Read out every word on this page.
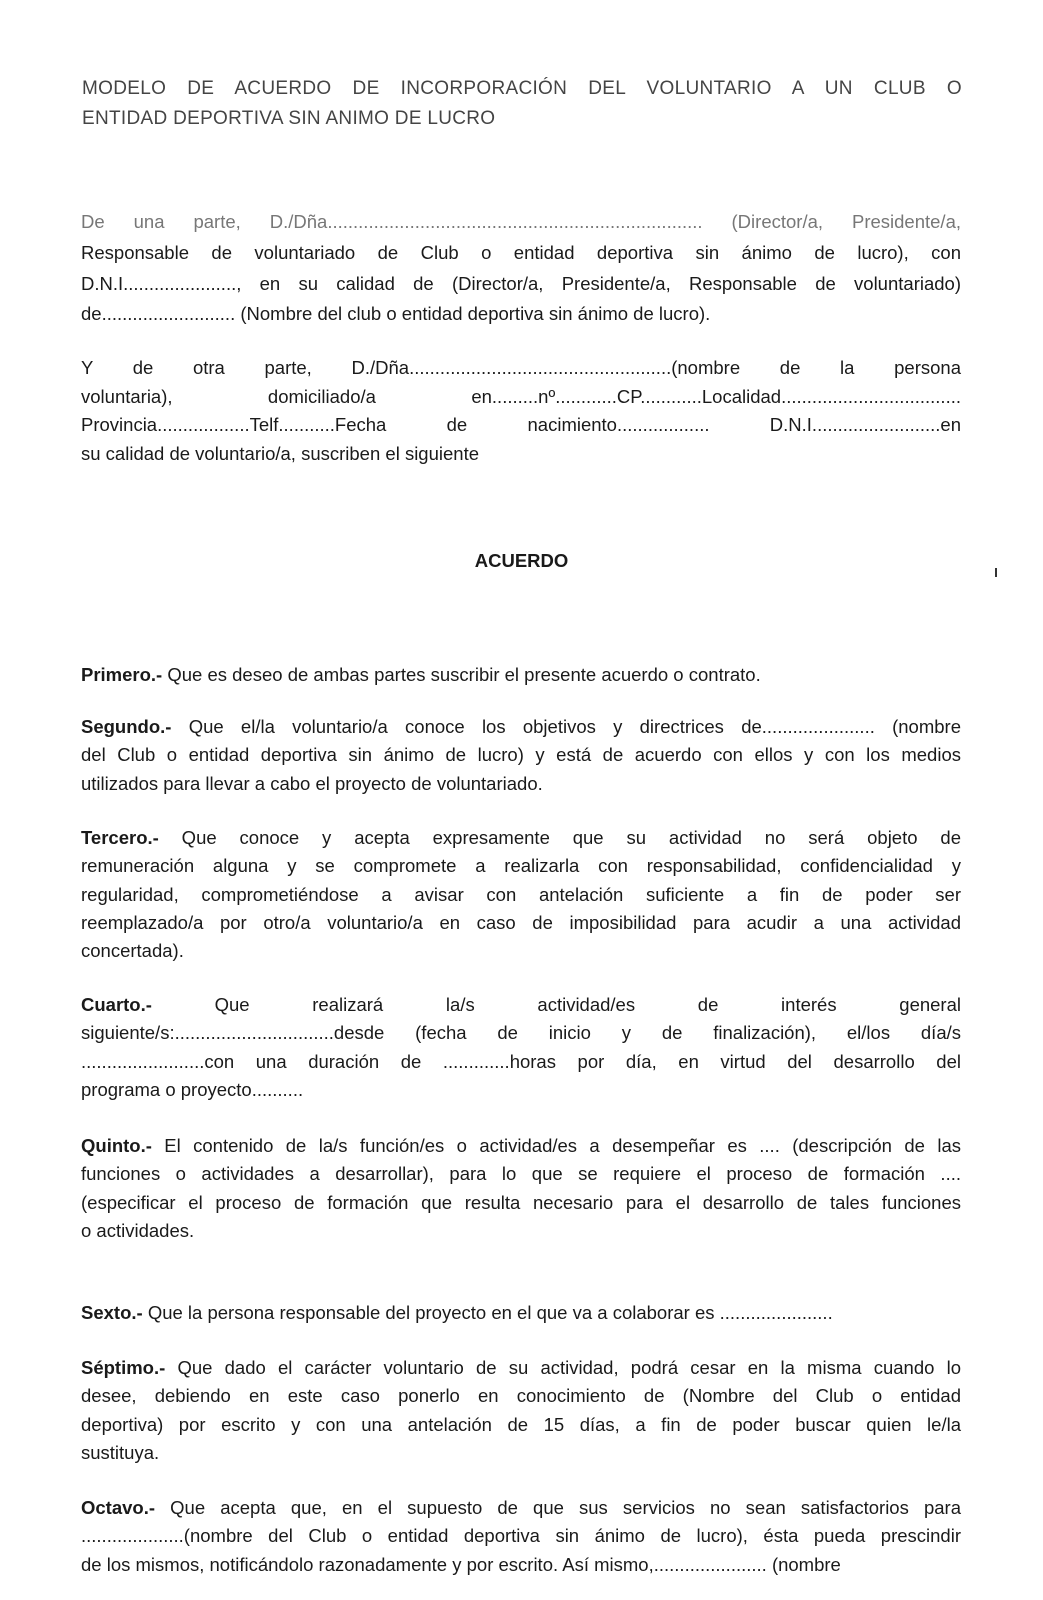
MODELO DE ACUERDO DE INCORPORACIÓN DEL VOLUNTARIO A UN CLUB O
ENTIDAD DEPORTIVA SIN ANIMO DE LUCRO
De una parte, D./Dña......................................................................... (Director/a, Presidente/a,
Responsable de voluntariado de Club o entidad deportiva sin ánimo de lucro), con
D.N.I......................, en su calidad de (Director/a, Presidente/a, Responsable de voluntariado)
de.......................... (Nombre del club o entidad deportiva sin ánimo de lucro).
Y de otra parte, D./Dña...................................................(nombre de la persona
voluntaria), domiciliado/a en.........nº............CP............Localidad...................................
Provincia..................Telf...........Fecha de nacimiento.................. D.N.I.........................en
su calidad de voluntario/a, suscriben el siguiente
ACUERDO
Primero.- Que es deseo de ambas partes suscribir el presente acuerdo o contrato.
Segundo.- Que el/la voluntario/a conoce los objetivos y directrices de...................... (nombre
del Club o entidad deportiva sin ánimo de lucro) y está de acuerdo con ellos y con los medios
utilizados para llevar a cabo el proyecto de voluntariado.
Tercero.- Que conoce y acepta expresamente que su actividad no será objeto de
remuneración alguna y se compromete a realizarla con responsabilidad, confidencialidad y
regularidad, comprometiéndose a avisar con antelación suficiente a fin de poder ser
reemplazado/a por otro/a voluntario/a en caso de imposibilidad para acudir a una actividad
concertada).
Cuarto.- Que realizará la/s actividad/es de interés general
siguiente/s:...............................desde (fecha de inicio y de finalización), el/los día/s
........................con una duración de .............horas por día, en virtud del desarrollo del
programa o proyecto..........
Quinto.- El contenido de la/s función/es o actividad/es a desempeñar es .... (descripción de las
funciones o actividades a desarrollar), para lo que se requiere el proceso de formación ....
(especificar el proceso de formación que resulta necesario para el desarrollo de tales funciones
o actividades.
Sexto.- Que la persona responsable del proyecto en el que va a colaborar es ......................
Séptimo.- Que dado el carácter voluntario de su actividad, podrá cesar en la misma cuando lo
desee, debiendo en este caso ponerlo en conocimiento de (Nombre del Club o entidad
deportiva) por escrito y con una antelación de 15 días, a fin de poder buscar quien le/la
sustituya.
Octavo.- Que acepta que, en el supuesto de que sus servicios no sean satisfactorios para
....................(nombre del Club o entidad deportiva sin ánimo de lucro), ésta pueda prescindir
de los mismos, notificándolo razonadamente y por escrito. Así mismo,...................... (nombre
